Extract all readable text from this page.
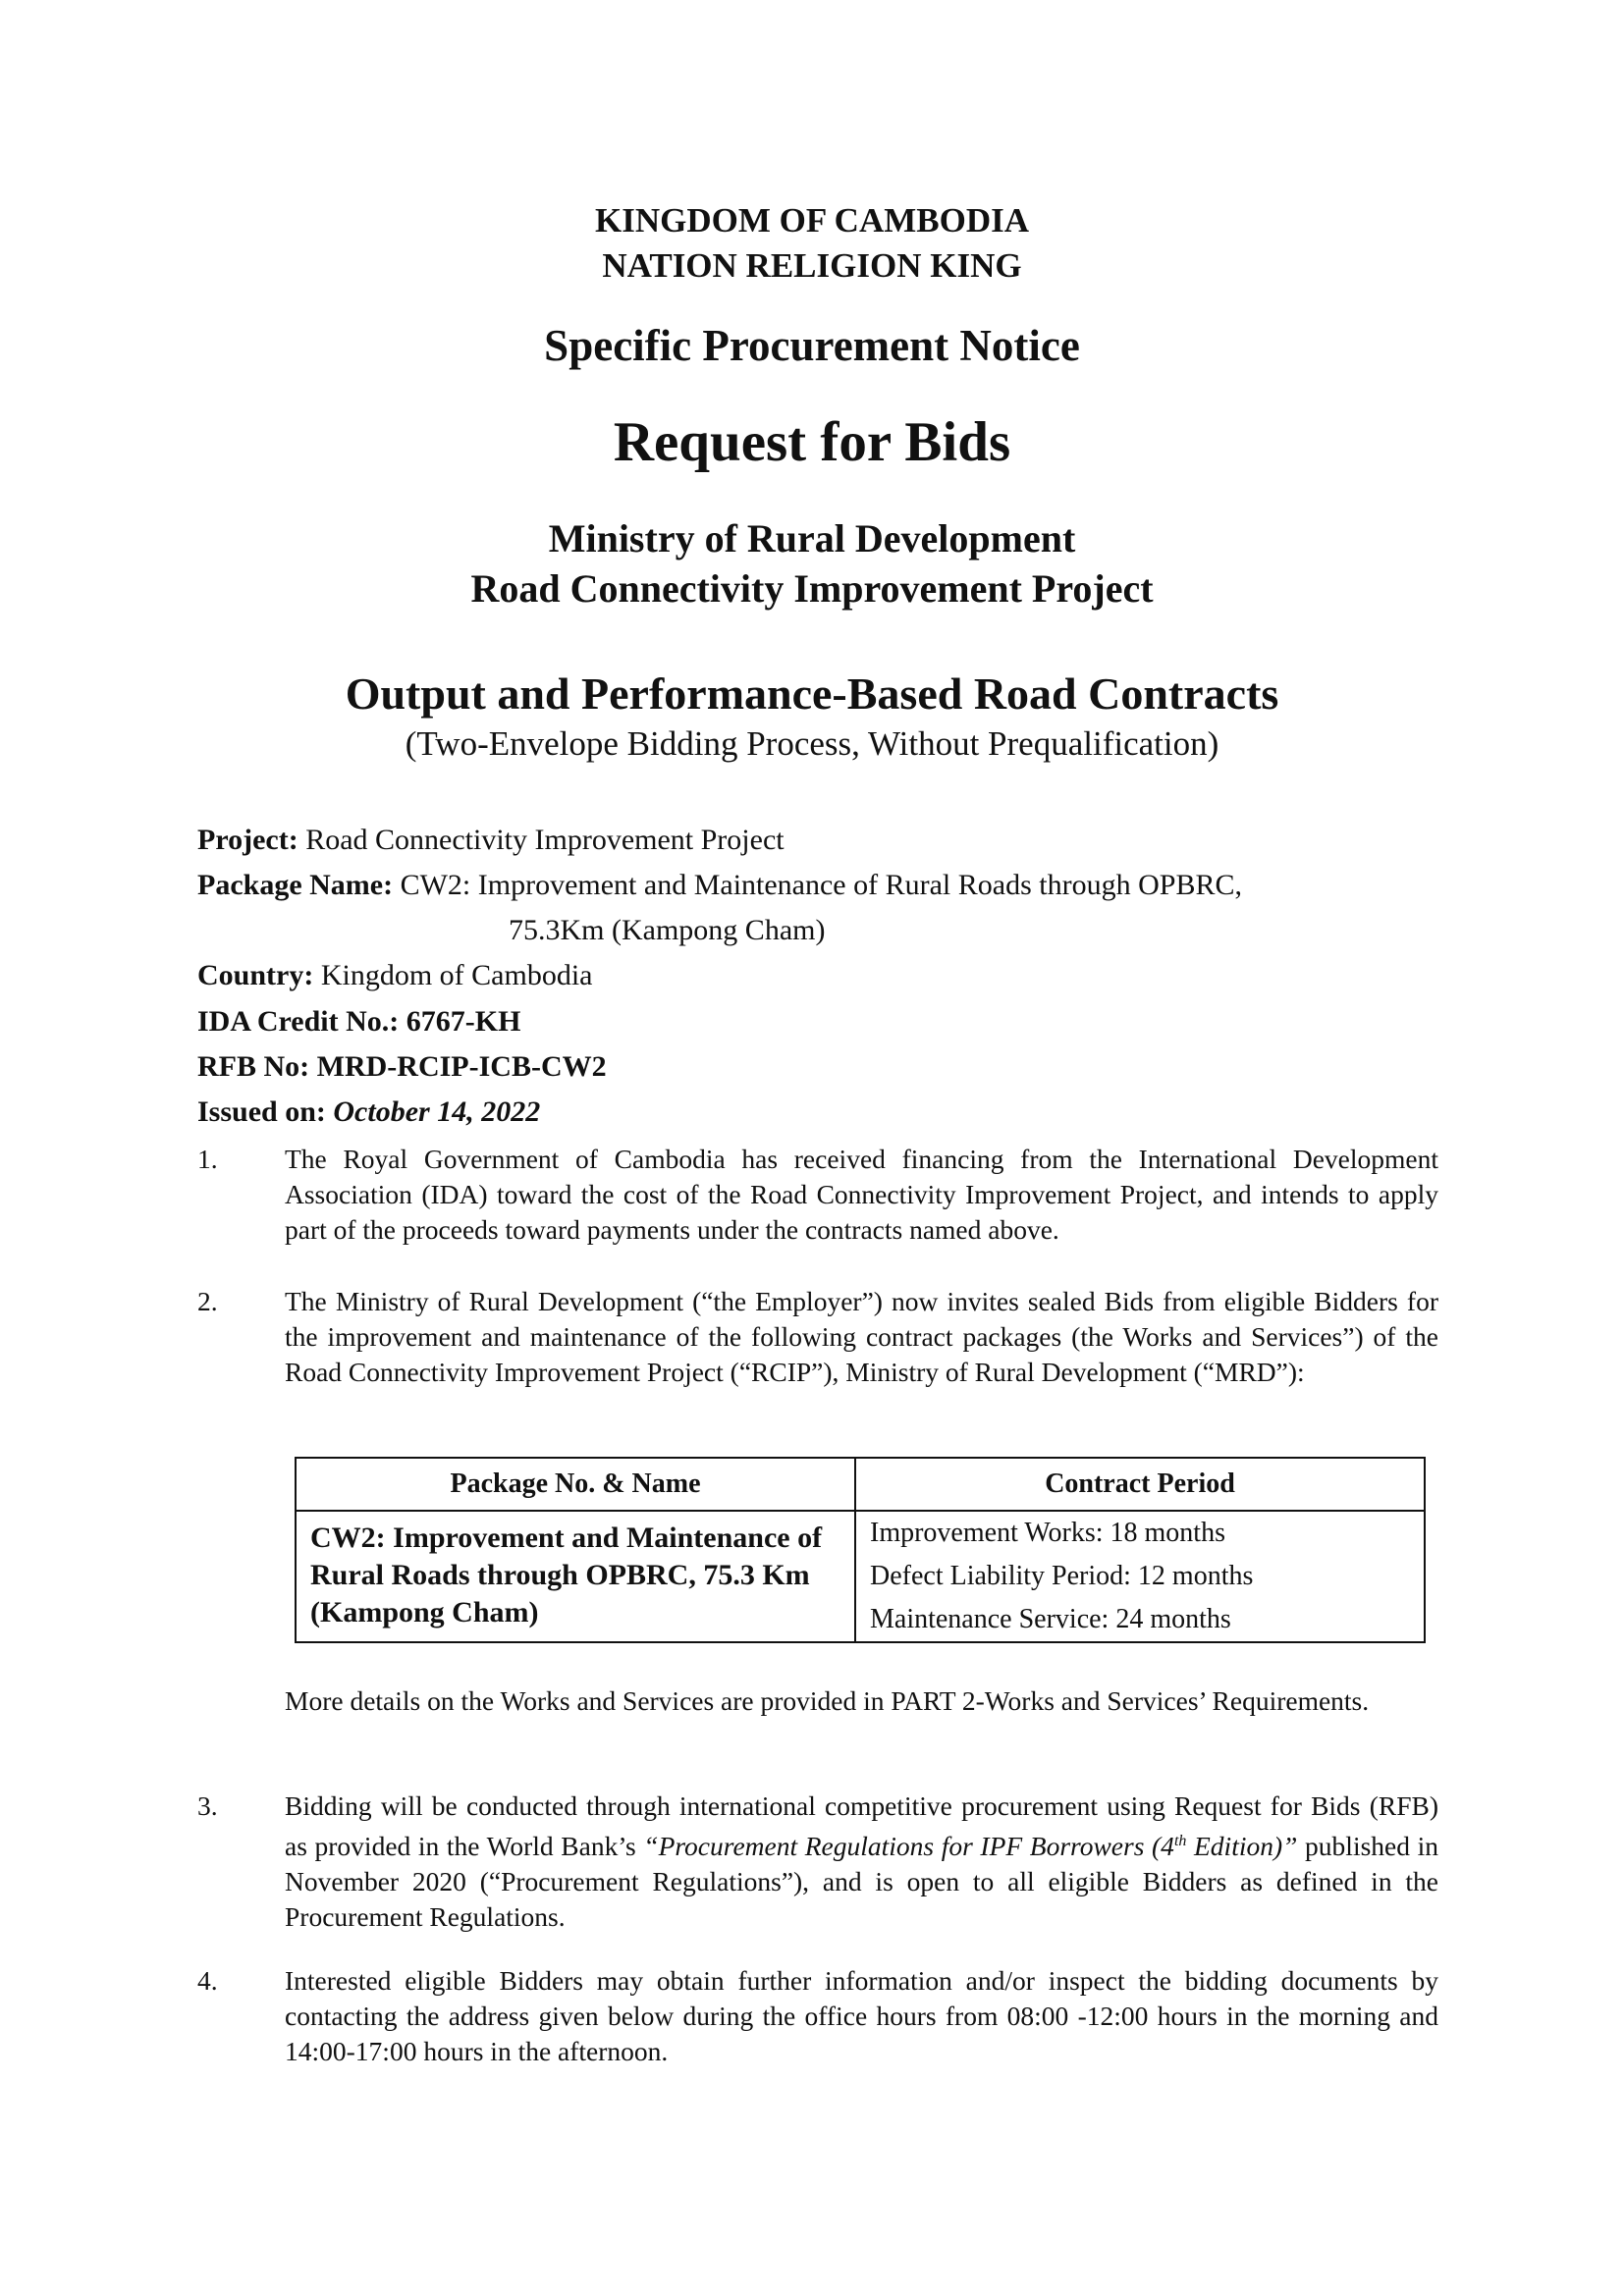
KINGDOM OF CAMBODIA
NATION RELIGION KING
Specific Procurement Notice
Request for Bids
Ministry of Rural Development
Road Connectivity Improvement Project
Output and Performance-Based Road Contracts
(Two-Envelope Bidding Process, Without Prequalification)
Project: Road Connectivity Improvement Project
Package Name: CW2: Improvement and Maintenance of Rural Roads through OPBRC,
75.3Km (Kampong Cham)
Country: Kingdom of Cambodia
IDA Credit No.: 6767-KH
RFB No: MRD-RCIP-ICB-CW2
Issued on: October 14, 2022
1. The Royal Government of Cambodia has received financing from the International Development Association (IDA) toward the cost of the Road Connectivity Improvement Project, and intends to apply part of the proceeds toward payments under the contracts named above.
2. The Ministry of Rural Development (“the Employer”) now invites sealed Bids from eligible Bidders for the improvement and maintenance of the following contract packages (the Works and Services”) of the Road Connectivity Improvement Project (“RCIP”), Ministry of Rural Development (“MRD”):
Package No. & Name	Contract Period
CW2: Improvement and Maintenance of Rural Roads through OPBRC, 75.3 Km (Kampong Cham)	Improvement Works: 18 months
Defect Liability Period: 12 months
Maintenance Service: 24 months
More details on the Works and Services are provided in PART 2-Works and Services’ Requirements.
3. Bidding will be conducted through international competitive procurement using Request for Bids (RFB) as provided in the World Bank’s “Procurement Regulations for IPF Borrowers (4th Edition)” published in November 2020 (“Procurement Regulations”), and is open to all eligible Bidders as defined in the Procurement Regulations.
4. Interested eligible Bidders may obtain further information and/or inspect the bidding documents by contacting the address given below during the office hours from 08:00 -12:00 hours in the morning and 14:00-17:00 hours in the afternoon.
